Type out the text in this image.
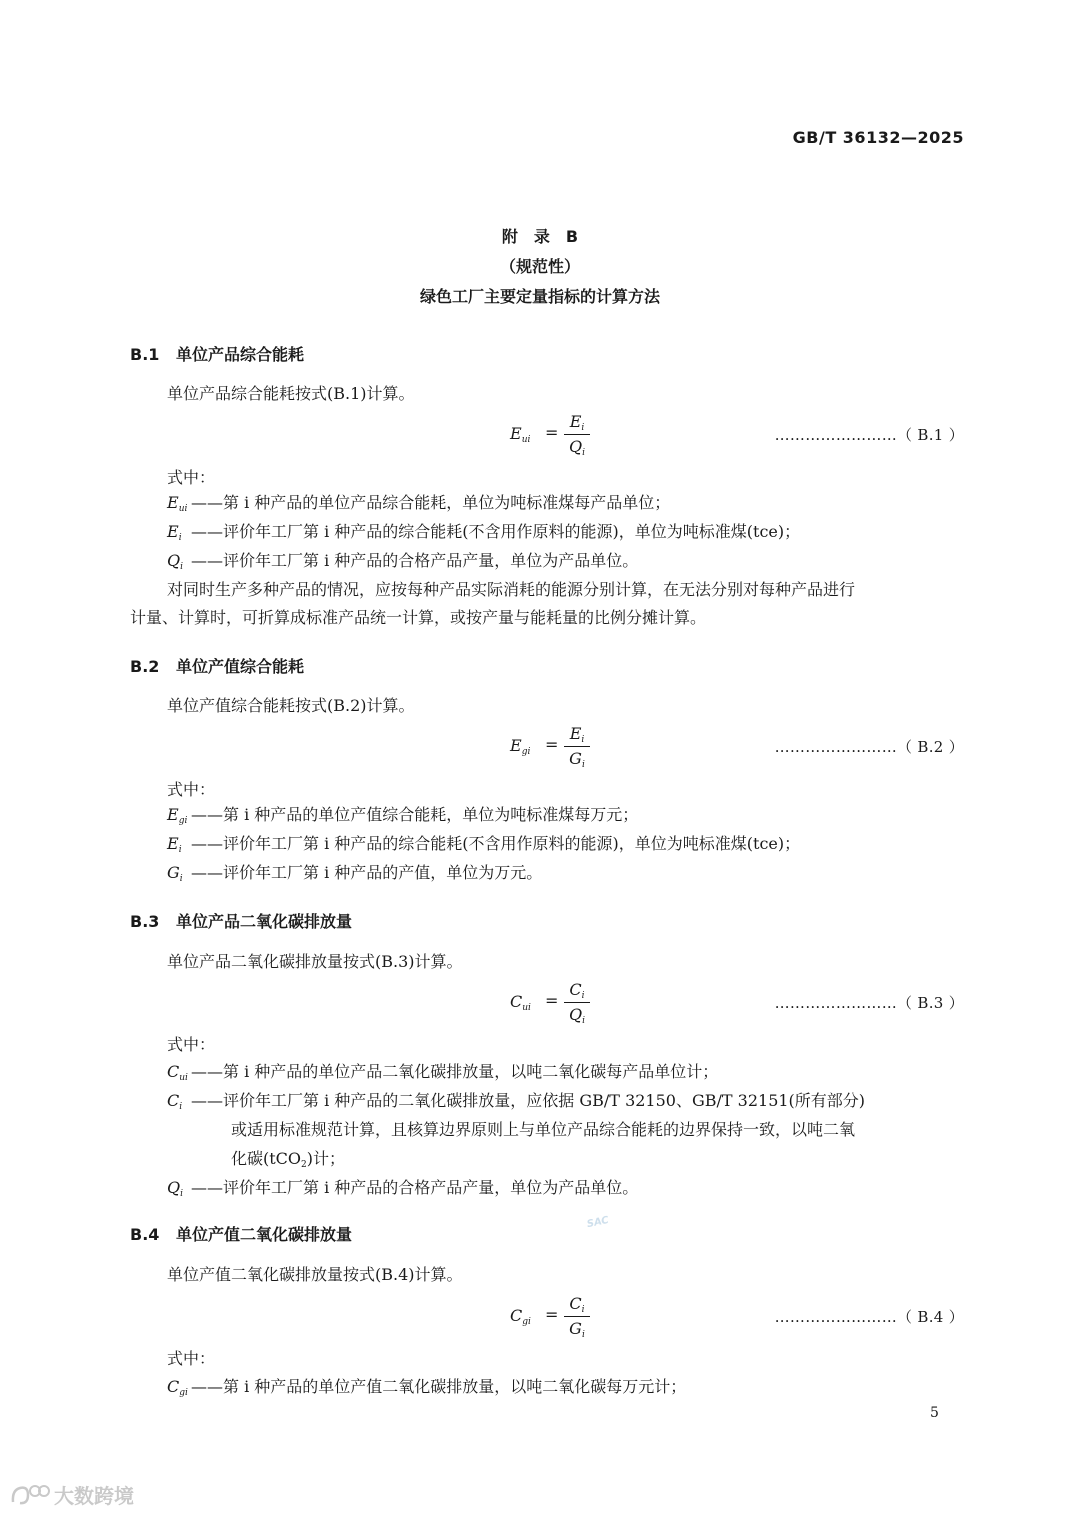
GB/T 36132—2025
附　录　B
（规范性）
绿色工厂主要定量指标的计算方法
B.1 单位产品综合能耗
单位产品综合能耗按式(B.1)计算。
$E_{ui}$ =
$E_i$
$Q_i$
……………………（ B.1 ）
式中：
$E_{ui}$ ——第 i 种产品的单位产品综合能耗，单位为吨标准煤每产品单位；
$E_i$ ——评价年工厂第 i 种产品的综合能耗(不含用作原料的能源)，单位为吨标准煤(tce)；
$Q_i$ ——评价年工厂第 i 种产品的合格产品产量，单位为产品单位。
对同时生产多种产品的情况，应按每种产品实际消耗的能源分别计算，在无法分别对每种产品进行
计量、计算时，可折算成标准产品统一计算，或按产量与能耗量的比例分摊计算。
B.2 单位产值综合能耗
单位产值综合能耗按式(B.2)计算。
$E_{gi}$ =
$E_i$
$G_i$
……………………（ B.2 ）
式中：
$E_{gi}$ ——第 i 种产品的单位产值综合能耗，单位为吨标准煤每万元；
$E_i$ ——评价年工厂第 i 种产品的综合能耗(不含用作原料的能源)，单位为吨标准煤(tce)；
$G_i$ ——评价年工厂第 i 种产品的产值，单位为万元。
B.3 单位产品二氧化碳排放量
单位产品二氧化碳排放量按式(B.3)计算。
$C_{ui}$ =
$C_i$
$Q_i$
……………………（ B.3 ）
式中：
$C_{ui}$ ——第 i 种产品的单位产品二氧化碳排放量，以吨二氧化碳每产品单位计；
$C_i$ ——评价年工厂第 i 种产品的二氧化碳排放量，应依据 GB/T 32150、GB/T 32151(所有部分)
或适用标准规范计算，且核算边界原则上与单位产品综合能耗的边界保持一致，以吨二氧
化碳(tCO$_2$)计；
$Q_i$ ——评价年工厂第 i 种产品的合格产品产量，单位为产品单位。
SAC
B.4 单位产值二氧化碳排放量
单位产值二氧化碳排放量按式(B.4)计算。
$C_{gi}$ =
$C_i$
$G_i$
……………………（ B.4 ）
式中：
$C_{gi}$ ——第 i 种产品的单位产值二氧化碳排放量，以吨二氧化碳每万元计；
5
大数跨境
